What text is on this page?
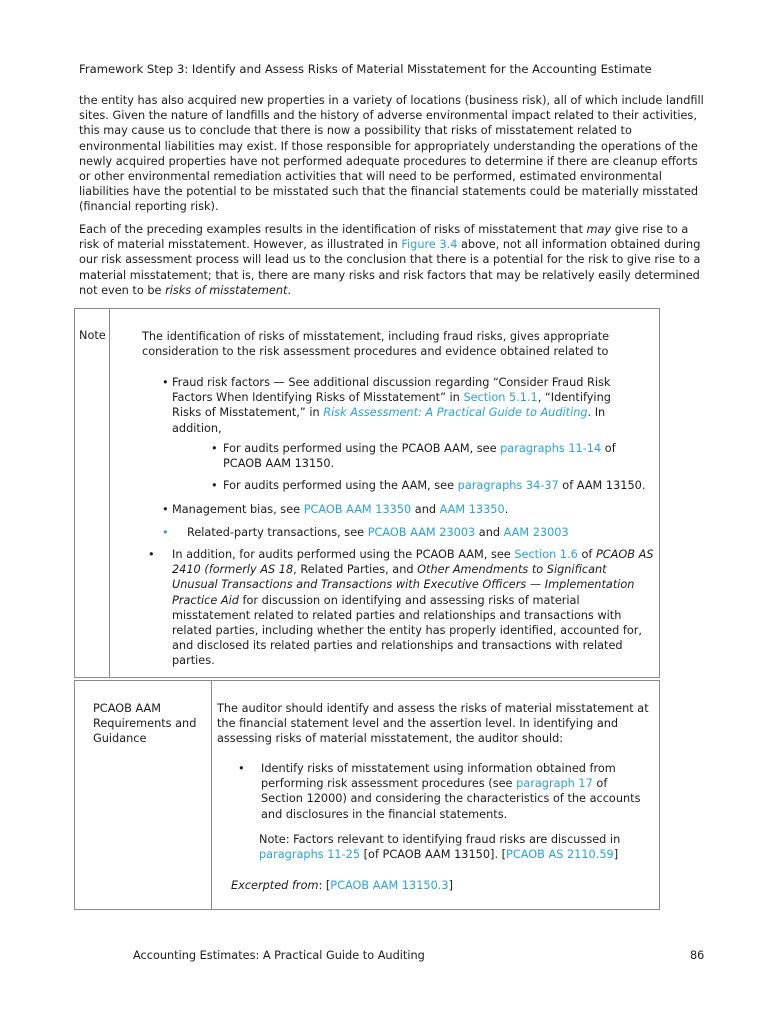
Framework Step 3: Identify and Assess Risks of Material Misstatement for the Accounting Estimate

the entity has also acquired new properties in a variety of locations (business risk), all of which include landfill sites. Given the nature of landfills and the history of adverse environmental impact related to their activities, this may cause us to conclude that there is now a possibility that risks of misstatement related to environmental liabilities may exist. If those responsible for appropriately understanding the operations of the newly acquired properties have not performed adequate procedures to determine if there are cleanup efforts or other environmental remediation activities that will need to be performed, estimated environmental liabilities have the potential to be misstated such that the financial statements could be materially misstated (financial reporting risk).

Each of the preceding examples results in the identification of risks of misstatement that may give rise to a risk of material misstatement. However, as illustrated in Figure 3.4 above, not all information obtained during our risk assessment process will lead us to the conclusion that there is a potential for the risk to give rise to a material misstatement; that is, there are many risks and risk factors that may be relatively easily determined not even to be risks of misstatement.

Note	The identification of risks of misstatement, including fraud risks, gives appropriate consideration to the risk assessment procedures and evidence obtained related to

• Fraud risk factors — See additional discussion regarding “Consider Fraud Risk Factors When Identifying Risks of Misstatement” in Section 5.1.1, “Identifying Risks of Misstatement,” in Risk Assessment: A Practical Guide to Auditing. In addition,

• For audits performed using the PCAOB AAM, see paragraphs 11-14 of PCAOB AAM 13150.

• For audits performed using the AAM, see paragraphs 34-37 of AAM 13150.

• Management bias, see PCAOB AAM 13350 and AAM 13350.

• Related-party transactions, see PCAOB AAM 23003 and AAM 23003

• In addition, for audits performed using the PCAOB AAM, see Section 1.6 of PCAOB AS 2410 (formerly AS 18, Related Parties, and Other Amendments to Significant Unusual Transactions and Transactions with Executive Officers — Implementation Practice Aid for discussion on identifying and assessing risks of material misstatement related to related parties and relationships and transactions with related parties, including whether the entity has properly identified, accounted for, and disclosed its related parties and relationships and transactions with related parties.

PCAOB AAM Requirements and Guidance

The auditor should identify and assess the risks of material misstatement at the financial statement level and the assertion level. In identifying and assessing risks of material misstatement, the auditor should:

• Identify risks of misstatement using information obtained from performing risk assessment procedures (see paragraph 17 of Section 12000) and considering the characteristics of the accounts and disclosures in the financial statements.

Note: Factors relevant to identifying fraud risks are discussed in paragraphs 11-25 [of PCAOB AAM 13150]. [PCAOB AS 2110.59]

Excerpted from: [PCAOB AAM 13150.3]

Accounting Estimates: A Practical Guide to Auditing	86
